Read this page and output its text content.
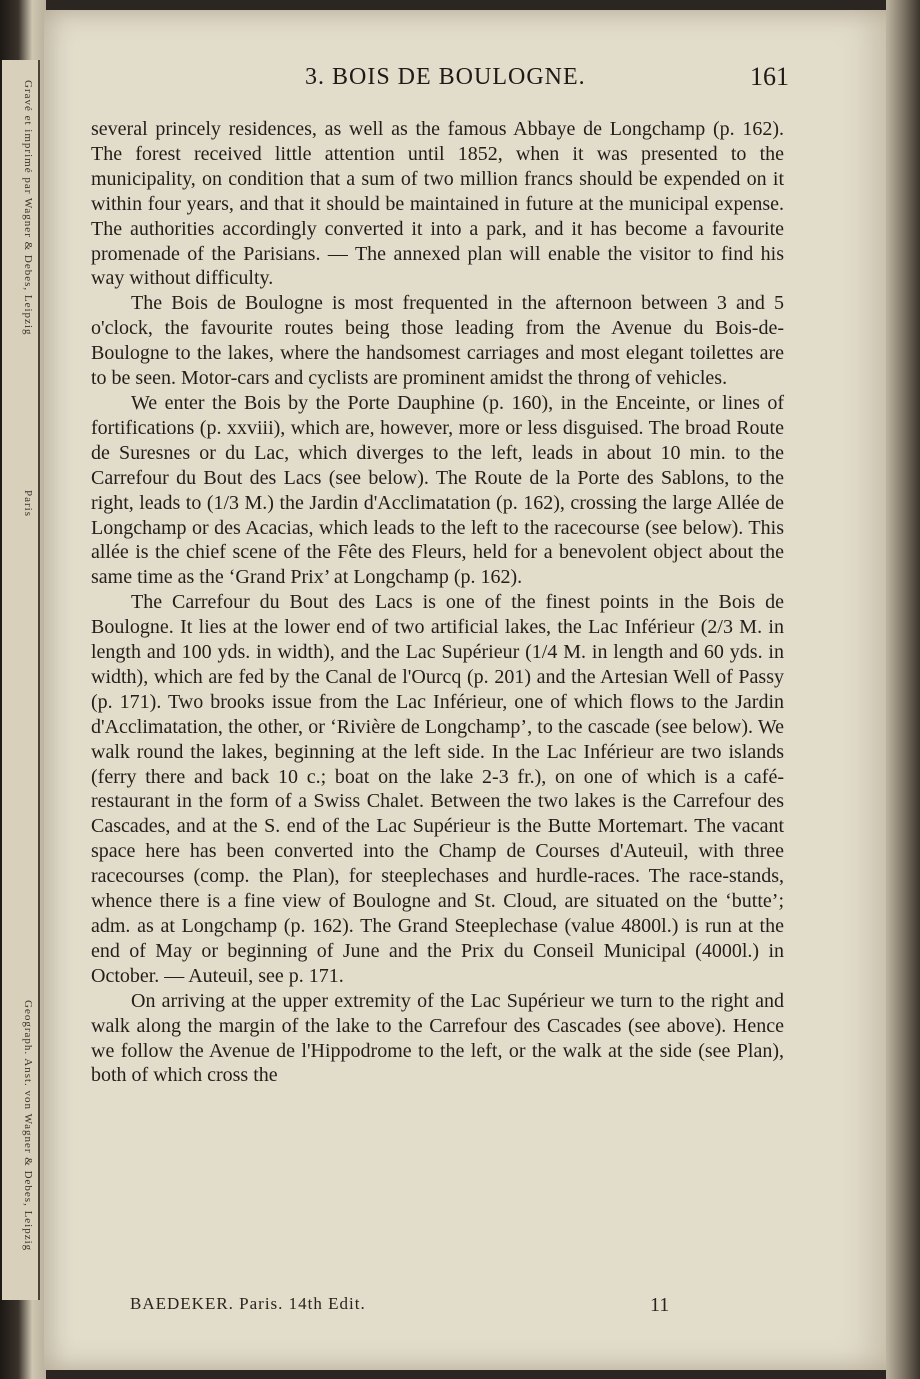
Gravé et imprimé par Wagner & Debes, Leipzig
Paris
Geograph. Anst. von Wagner & Debes, Leipzig
3. BOIS DE BOULOGNE.	161

several princely residences, as well as the famous Abbaye de Longchamp (p. 162). The forest received little attention until 1852, when it was presented to the municipality, on condition that a sum of two million francs should be expended on it within four years, and that it should be maintained in future at the municipal expense. The authorities accordingly converted it into a park, and it has become a favourite promenade of the Parisians. — The annexed plan will enable the visitor to find his way without difficulty.

The Bois de Boulogne is most frequented in the afternoon between 3 and 5 o'clock, the favourite routes being those leading from the Avenue du Bois-de-Boulogne to the lakes, where the handsomest carriages and most elegant toilettes are to be seen. Motor-cars and cyclists are prominent amidst the throng of vehicles.

We enter the Bois by the Porte Dauphine (p. 160), in the Enceinte, or lines of fortifications (p. xxviii), which are, however, more or less disguised. The broad Route de Suresnes or du Lac, which diverges to the left, leads in about 10 min. to the Carrefour du Bout des Lacs (see below). The Route de la Porte des Sablons, to the right, leads to (1/3 M.) the Jardin d'Acclimatation (p. 162), crossing the large Allée de Longchamp or des Acacias, which leads to the left to the racecourse (see below). This allée is the chief scene of the Fête des Fleurs, held for a benevolent object about the same time as the ‘Grand Prix’ at Longchamp (p. 162).

The Carrefour du Bout des Lacs is one of the finest points in the Bois de Boulogne. It lies at the lower end of two artificial lakes, the Lac Inférieur (2/3 M. in length and 100 yds. in width), and the Lac Supérieur (1/4 M. in length and 60 yds. in width), which are fed by the Canal de l'Ourcq (p. 201) and the Artesian Well of Passy (p. 171). Two brooks issue from the Lac Inférieur, one of which flows to the Jardin d'Acclimatation, the other, or ‘Rivière de Longchamp’, to the cascade (see below). We walk round the lakes, beginning at the left side. In the Lac Inférieur are two islands (ferry there and back 10 c.; boat on the lake 2-3 fr.), on one of which is a café-restaurant in the form of a Swiss Chalet. Between the two lakes is the Carrefour des Cascades, and at the S. end of the Lac Supérieur is the Butte Mortemart. The vacant space here has been converted into the Champ de Courses d'Auteuil, with three racecourses (comp. the Plan), for steeplechases and hurdle-races. The race-stands, whence there is a fine view of Boulogne and St. Cloud, are situated on the ‘butte’; adm. as at Longchamp (p. 162). The Grand Steeplechase (value 4800l.) is run at the end of May or beginning of June and the Prix du Conseil Municipal (4000l.) in October. — Auteuil, see p. 171.

On arriving at the upper extremity of the Lac Supérieur we turn to the right and walk along the margin of the lake to the Carrefour des Cascades (see above). Hence we follow the Avenue de l'Hippodrome to the left, or the walk at the side (see Plan), both of which cross the

BAEDEKER. Paris. 14th Edit.	11
